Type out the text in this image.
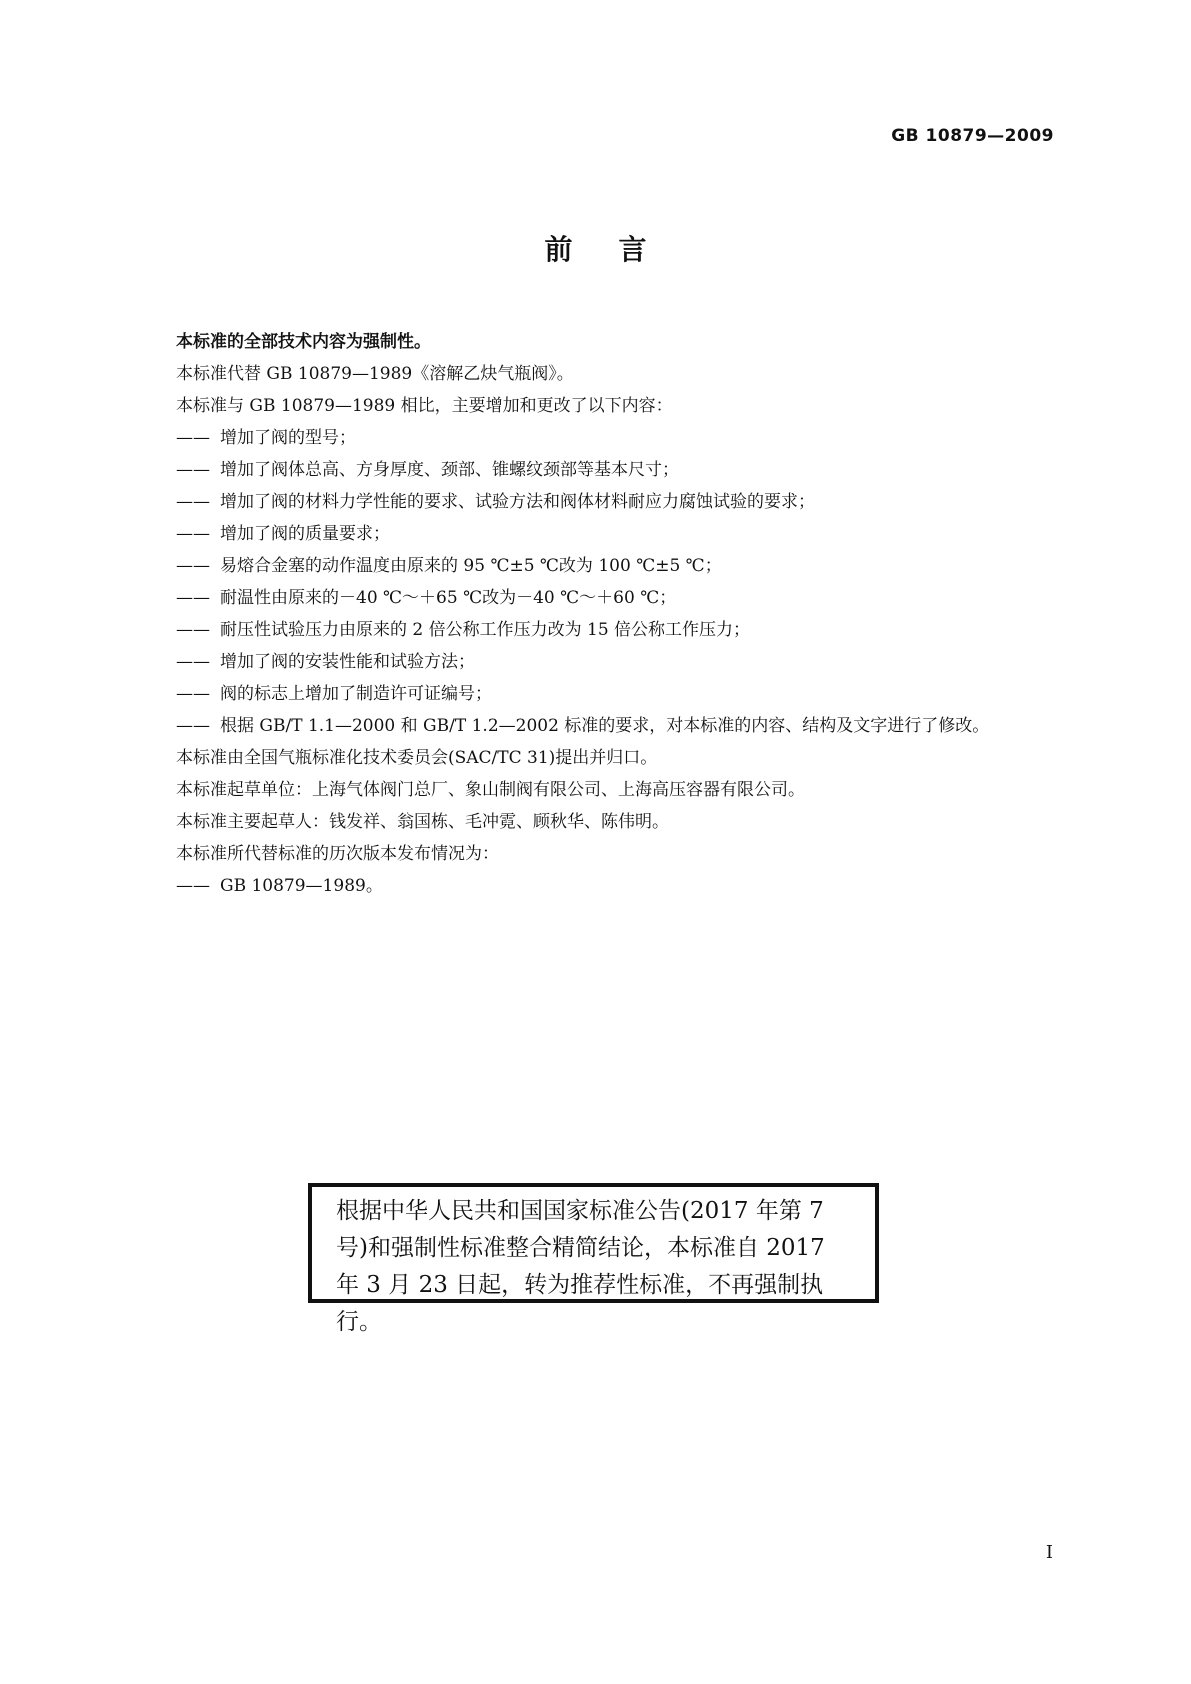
GB 10879—2009
前言

本标准的全部技术内容为强制性。

本标准代替 GB 10879—1989《溶解乙炔气瓶阀》。

本标准与 GB 10879—1989 相比，主要增加和更改了以下内容：

—— 增加了阀的型号；

—— 增加了阀体总高、方身厚度、颈部、锥螺纹颈部等基本尺寸；

—— 增加了阀的材料力学性能的要求、试验方法和阀体材料耐应力腐蚀试验的要求；

—— 增加了阀的质量要求；

—— 易熔合金塞的动作温度由原来的 95 ℃±5 ℃改为 100 ℃±5 ℃；

—— 耐温性由原来的－40 ℃～＋65 ℃改为－40 ℃～＋60 ℃；

—— 耐压性试验压力由原来的 2 倍公称工作压力改为 15 倍公称工作压力；

—— 增加了阀的安装性能和试验方法；

—— 阀的标志上增加了制造许可证编号；

—— 根据 GB/T 1.1—2000 和 GB/T 1.2—2002 标准的要求，对本标准的内容、结构及文字进行了修改。

本标准由全国气瓶标准化技术委员会(SAC/TC 31)提出并归口。

本标准起草单位：上海气体阀门总厂、象山制阀有限公司、上海高压容器有限公司。

本标准主要起草人：钱发祥、翁国栋、毛冲霓、顾秋华、陈伟明。

本标准所代替标准的历次版本发布情况为：

—— GB 10879—1989。

根据中华人民共和国国家标准公告(2017 年第 7
号)和强制性标准整合精简结论，本标准自 2017
年 3 月 23 日起，转为推荐性标准，不再强制执行。
I
